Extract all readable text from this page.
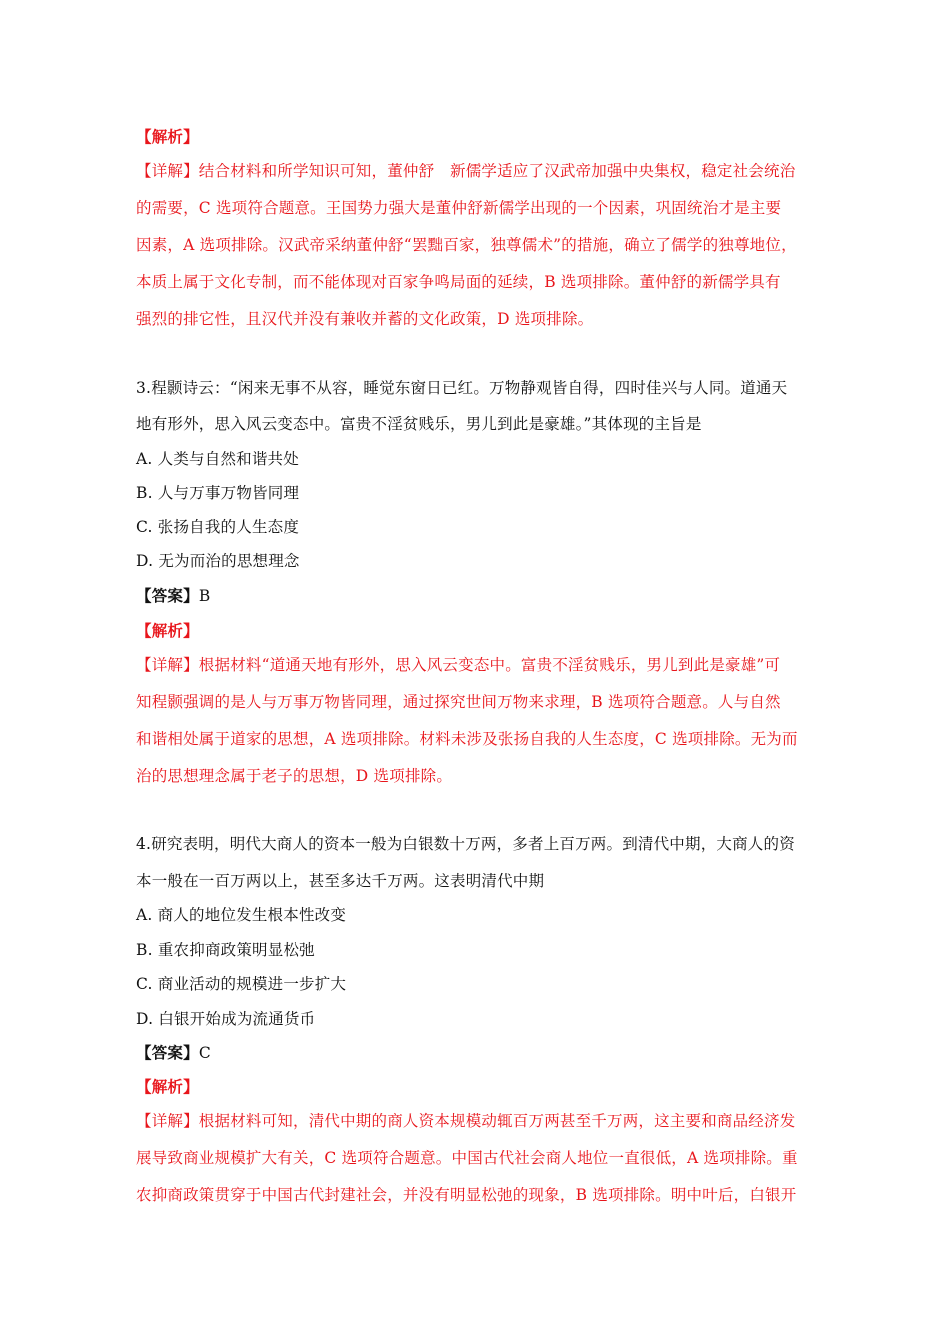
【解析】
【详解】结合材料和所学知识可知，董仲舒　新儒学适应了汉武帝加强中央集权，稳定社会统治
的需要，C 选项符合题意。王国势力强大是董仲舒新儒学出现的一个因素，巩固统治才是主要
因素，A 选项排除。汉武帝采纳董仲舒“罢黜百家，独尊儒术”的措施，确立了儒学的独尊地位，
本质上属于文化专制，而不能体现对百家争鸣局面的延续，B 选项排除。董仲舒的新儒学具有
强烈的排它性，且汉代并没有兼收并蓄的文化政策，D 选项排除。
3.程颢诗云：“闲来无事不从容，睡觉东窗日已红。万物静观皆自得，四时佳兴与人同。道通天
地有形外，思入风云变态中。富贵不淫贫贱乐，男儿到此是豪雄。”其体现的主旨是
A. 人类与自然和谐共处
B. 人与万事万物皆同理
C. 张扬自我的人生态度
D. 无为而治的思想理念
【答案】B
【解析】
【详解】根据材料“道通天地有形外，思入风云变态中。富贵不淫贫贱乐，男儿到此是豪雄”可
知程颢强调的是人与万事万物皆同理，通过探究世间万物来求理，B 选项符合题意。人与自然
和谐相处属于道家的思想，A 选项排除。材料未涉及张扬自我的人生态度，C 选项排除。无为而
治的思想理念属于老子的思想，D 选项排除。
4.研究表明，明代大商人的资本一般为白银数十万两，多者上百万两。到清代中期，大商人的资
本一般在一百万两以上，甚至多达千万两。这表明清代中期
A. 商人的地位发生根本性改变
B. 重农抑商政策明显松弛
C. 商业活动的规模进一步扩大
D. 白银开始成为流通货币
【答案】C
【解析】
【详解】根据材料可知，清代中期的商人资本规模动辄百万两甚至千万两，这主要和商品经济发
展导致商业规模扩大有关，C 选项符合题意。中国古代社会商人地位一直很低，A 选项排除。重
农抑商政策贯穿于中国古代封建社会，并没有明显松弛的现象，B 选项排除。明中叶后，白银开
